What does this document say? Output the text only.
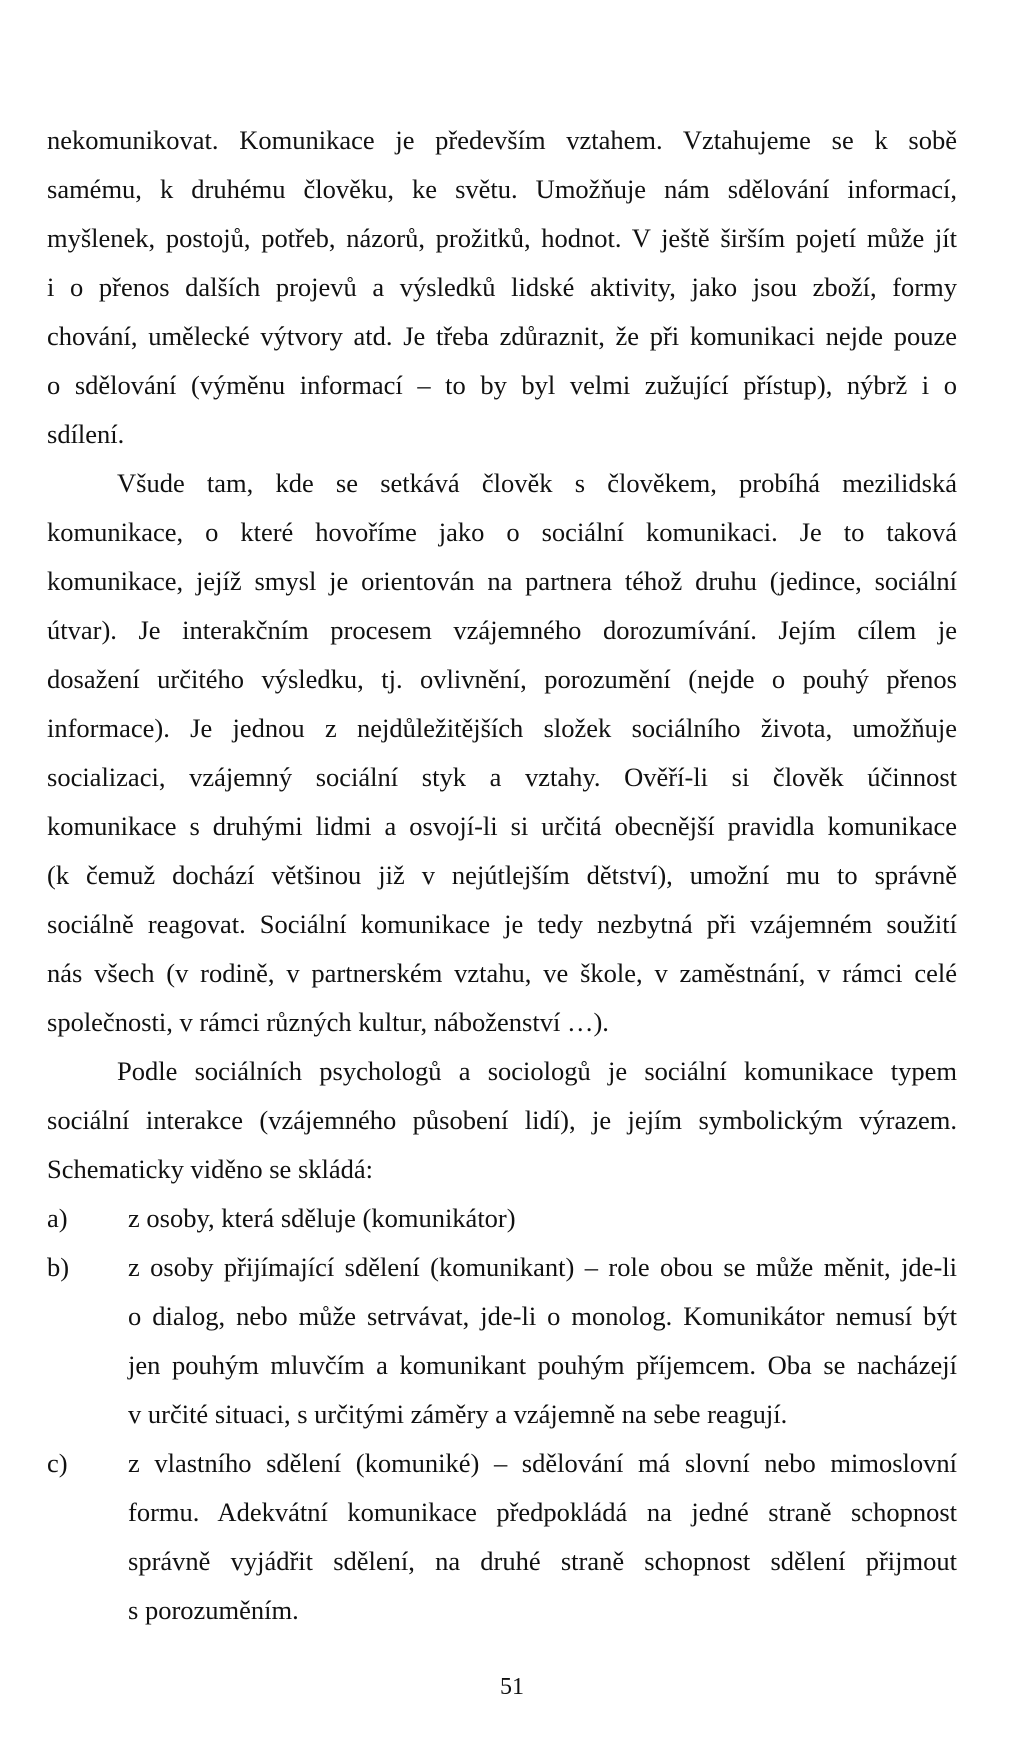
nekomunikovat. Komunikace je především vztahem. Vztahujeme se k sobě
samému, k druhému člověku, ke světu. Umožňuje nám sdělování informací,
myšlenek, postojů, potřeb, názorů, prožitků, hodnot. V ještě širším pojetí může jít
i o přenos dalších projevů a výsledků lidské aktivity, jako jsou zboží, formy
chování, umělecké výtvory atd. Je třeba zdůraznit, že při komunikaci nejde pouze
o sdělování (výměnu informací – to by byl velmi zužující přístup), nýbrž i o
sdílení.
Všude tam, kde se setkává člověk s člověkem, probíhá mezilidská
komunikace, o které hovoříme jako o sociální komunikaci. Je to taková
komunikace, jejíž smysl je orientován na partnera téhož druhu (jedince, sociální
útvar). Je interakčním procesem vzájemného dorozumívání. Jejím cílem je
dosažení určitého výsledku, tj. ovlivnění, porozumění (nejde o pouhý přenos
informace). Je jednou z nejdůležitějších složek sociálního života, umožňuje
socializaci, vzájemný sociální styk a vztahy. Ověří-li si člověk účinnost
komunikace s druhými lidmi a osvojí-li si určitá obecnější pravidla komunikace
(k čemuž dochází většinou již v nejútlejším dětství), umožní mu to správně
sociálně reagovat. Sociální komunikace je tedy nezbytná při vzájemném soužití
nás všech (v rodině, v partnerském vztahu, ve škole, v zaměstnání, v rámci celé
společnosti, v rámci různých kultur, náboženství …).
Podle sociálních psychologů a sociologů je sociální komunikace typem
sociální interakce (vzájemného působení lidí), je jejím symbolickým výrazem.
Schematicky viděno se skládá:
a)	z osoby, která sděluje (komunikátor)
b)	z osoby přijímající sdělení (komunikant) – role obou se může měnit, jde-li
o dialog, nebo může setrvávat, jde-li o monolog. Komunikátor nemusí být
jen pouhým mluvčím a komunikant pouhým příjemcem. Oba se nacházejí
v určité situaci, s určitými záměry a vzájemně na sebe reagují.
c)	z vlastního sdělení (komuniké) – sdělování má slovní nebo mimoslovní
formu. Adekvátní komunikace předpokládá na jedné straně schopnost
správně vyjádřit sdělení, na druhé straně schopnost sdělení přijmout
s porozuměním.
51
